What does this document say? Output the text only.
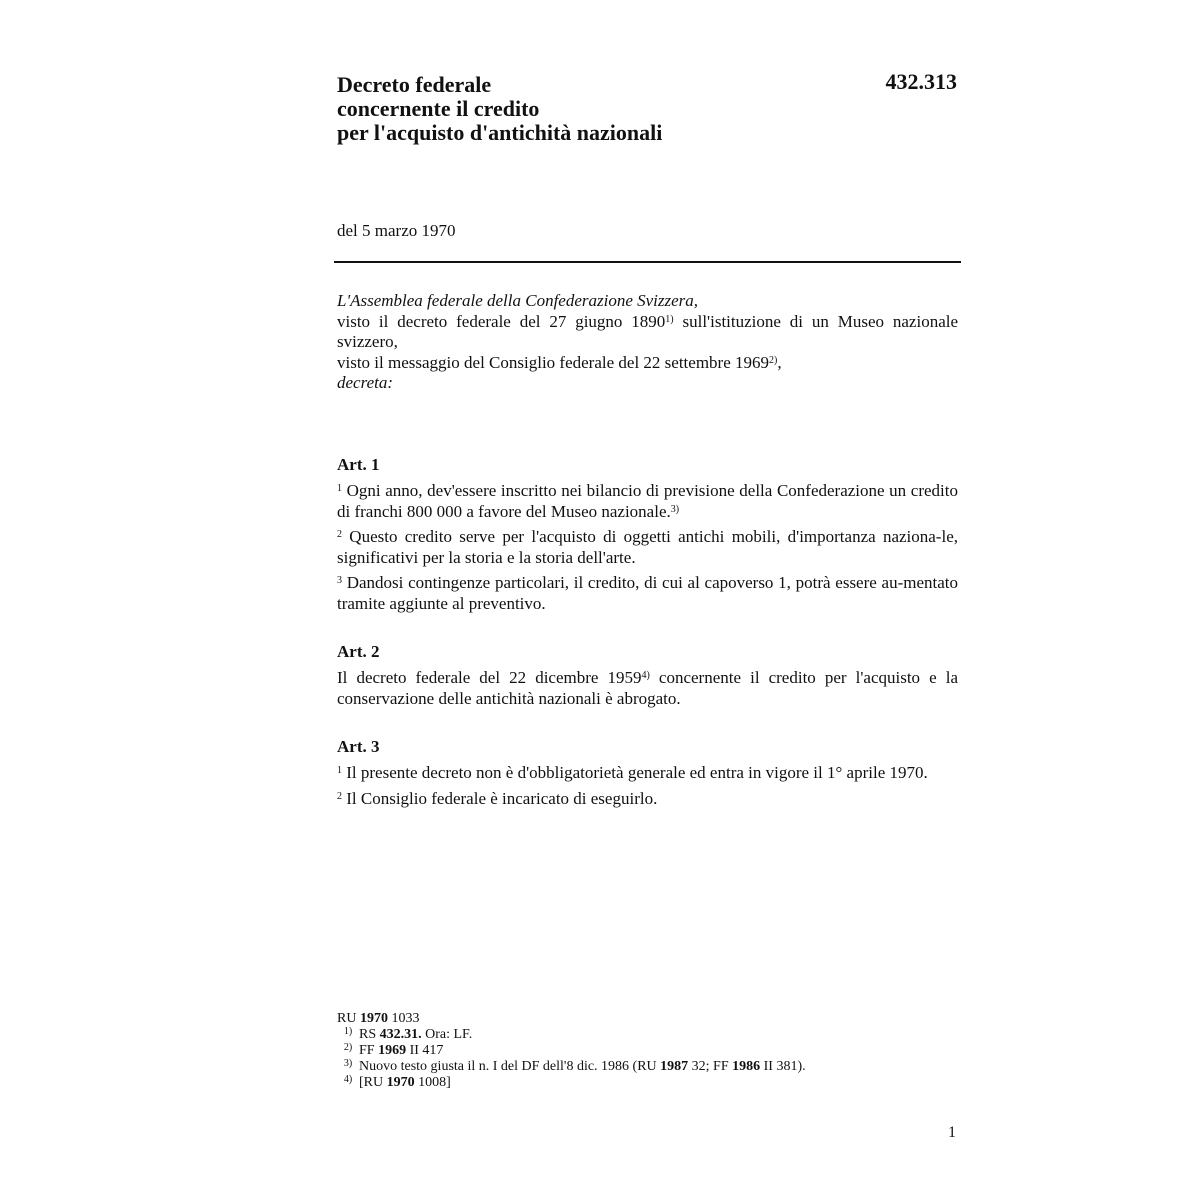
Decreto federale
concernente il credito
per l'acquisto d'antichità nazionali
432.313
del 5 marzo 1970

L'Assemblea federale della Confederazione Svizzera,

visto il decreto federale del 27 giugno 1890$^{1)}$ sull'istituzione di un Museo nazionale svizzero,

visto il messaggio del Consiglio federale del 22 settembre 1969$^{2)}$,

decreta:

Art. 1

$^1$ Ogni anno, dev'essere inscritto nei bilancio di previsione della Confederazione un credito di franchi 800 000 a favore del Museo nazionale.$^{3)}$

$^2$ Questo credito serve per l'acquisto di oggetti antichi mobili, d'importanza naziona-le, significativi per la storia e la storia dell'arte.

$^3$ Dandosi contingenze particolari, il credito, di cui al capoverso 1, potrà essere au-mentato tramite aggiunte al preventivo.

Art. 2

Il decreto federale del 22 dicembre 1959$^{4)}$ concernente il credito per l'acquisto e la conservazione delle antichità nazionali è abrogato.

Art. 3

$^1$ Il presente decreto non è d'obbligatorietà generale ed entra in vigore il 1° aprile 1970.

$^2$ Il Consiglio federale è incaricato di eseguirlo.

RU 1970 1033
1) RS 432.31. Ora: LF.
2) FF 1969 II 417
3) Nuovo testo giusta il n. I del DF dell'8 dic. 1986 (RU 1987 32; FF 1986 II 381).
4) [RU 1970 1008]
1
